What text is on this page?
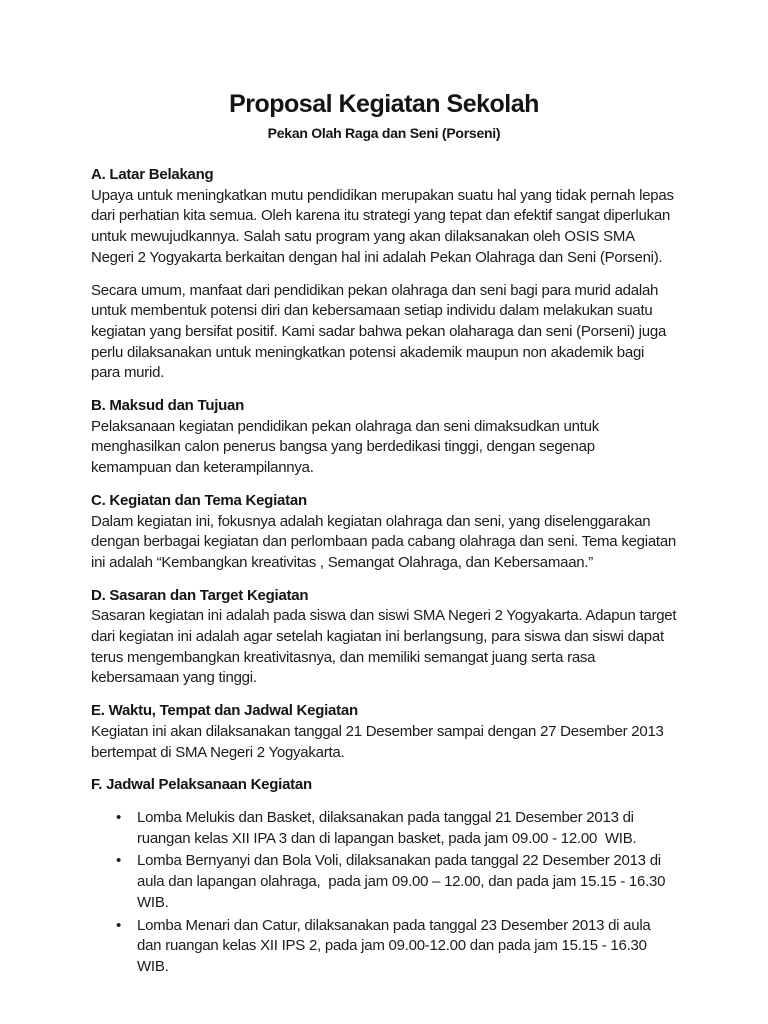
Proposal Kegiatan Sekolah
Pekan Olah Raga dan Seni (Porseni)
A. Latar Belakang

Upaya untuk meningkatkan mutu pendidikan merupakan suatu hal yang tidak pernah lepas dari perhatian kita semua. Oleh karena itu strategi yang tepat dan efektif sangat diperlukan untuk mewujudkannya. Salah satu program yang akan dilaksanakan oleh OSIS SMA Negeri 2 Yogyakarta berkaitan dengan hal ini adalah Pekan Olahraga dan Seni (Porseni).

Secara umum, manfaat dari pendidikan pekan olahraga dan seni bagi para murid adalah untuk membentuk potensi diri dan kebersamaan setiap individu dalam melakukan suatu kegiatan yang bersifat positif. Kami sadar bahwa pekan olaharaga dan seni (Porseni) juga perlu dilaksanakan untuk meningkatkan potensi akademik maupun non akademik bagi para murid.

B. Maksud dan Tujuan

Pelaksanaan kegiatan pendidikan pekan olahraga dan seni dimaksudkan untuk menghasilkan calon penerus bangsa yang berdedikasi tinggi, dengan segenap kemampuan dan keterampilannya.

C. Kegiatan dan Tema Kegiatan

Dalam kegiatan ini, fokusnya adalah kegiatan olahraga dan seni, yang diselenggarakan dengan berbagai kegiatan dan perlombaan pada cabang olahraga dan seni. Tema kegiatan ini adalah “Kembangkan kreativitas , Semangat Olahraga, dan Kebersamaan.”

D. Sasaran dan Target Kegiatan

Sasaran kegiatan ini adalah pada siswa dan siswi SMA Negeri 2 Yogyakarta. Adapun target dari kegiatan ini adalah agar setelah kagiatan ini berlangsung, para siswa dan siswi dapat terus mengembangkan kreativitasnya, dan memiliki semangat juang serta rasa kebersamaan yang tinggi.

E. Waktu, Tempat dan Jadwal Kegiatan

Kegiatan ini akan dilaksanakan tanggal 21 Desember sampai dengan 27 Desember 2013 bertempat di SMA Negeri 2 Yogyakarta.

F. Jadwal Pelaksanaan Kegiatan
• Lomba Melukis dan Basket, dilaksanakan pada tanggal 21 Desember 2013 di ruangan kelas XII IPA 3 dan di lapangan basket, pada jam 09.00 - 12.00  WIB.
• Lomba Bernyanyi dan Bola Voli, dilaksanakan pada tanggal 22 Desember 2013 di aula dan lapangan olahraga,  pada jam 09.00 – 12.00, dan pada jam 15.15 - 16.30 WIB.
• Lomba Menari dan Catur, dilaksanakan pada tanggal 23 Desember 2013 di aula dan ruangan kelas XII IPS 2, pada jam 09.00-12.00 dan pada jam 15.15 - 16.30 WIB.
